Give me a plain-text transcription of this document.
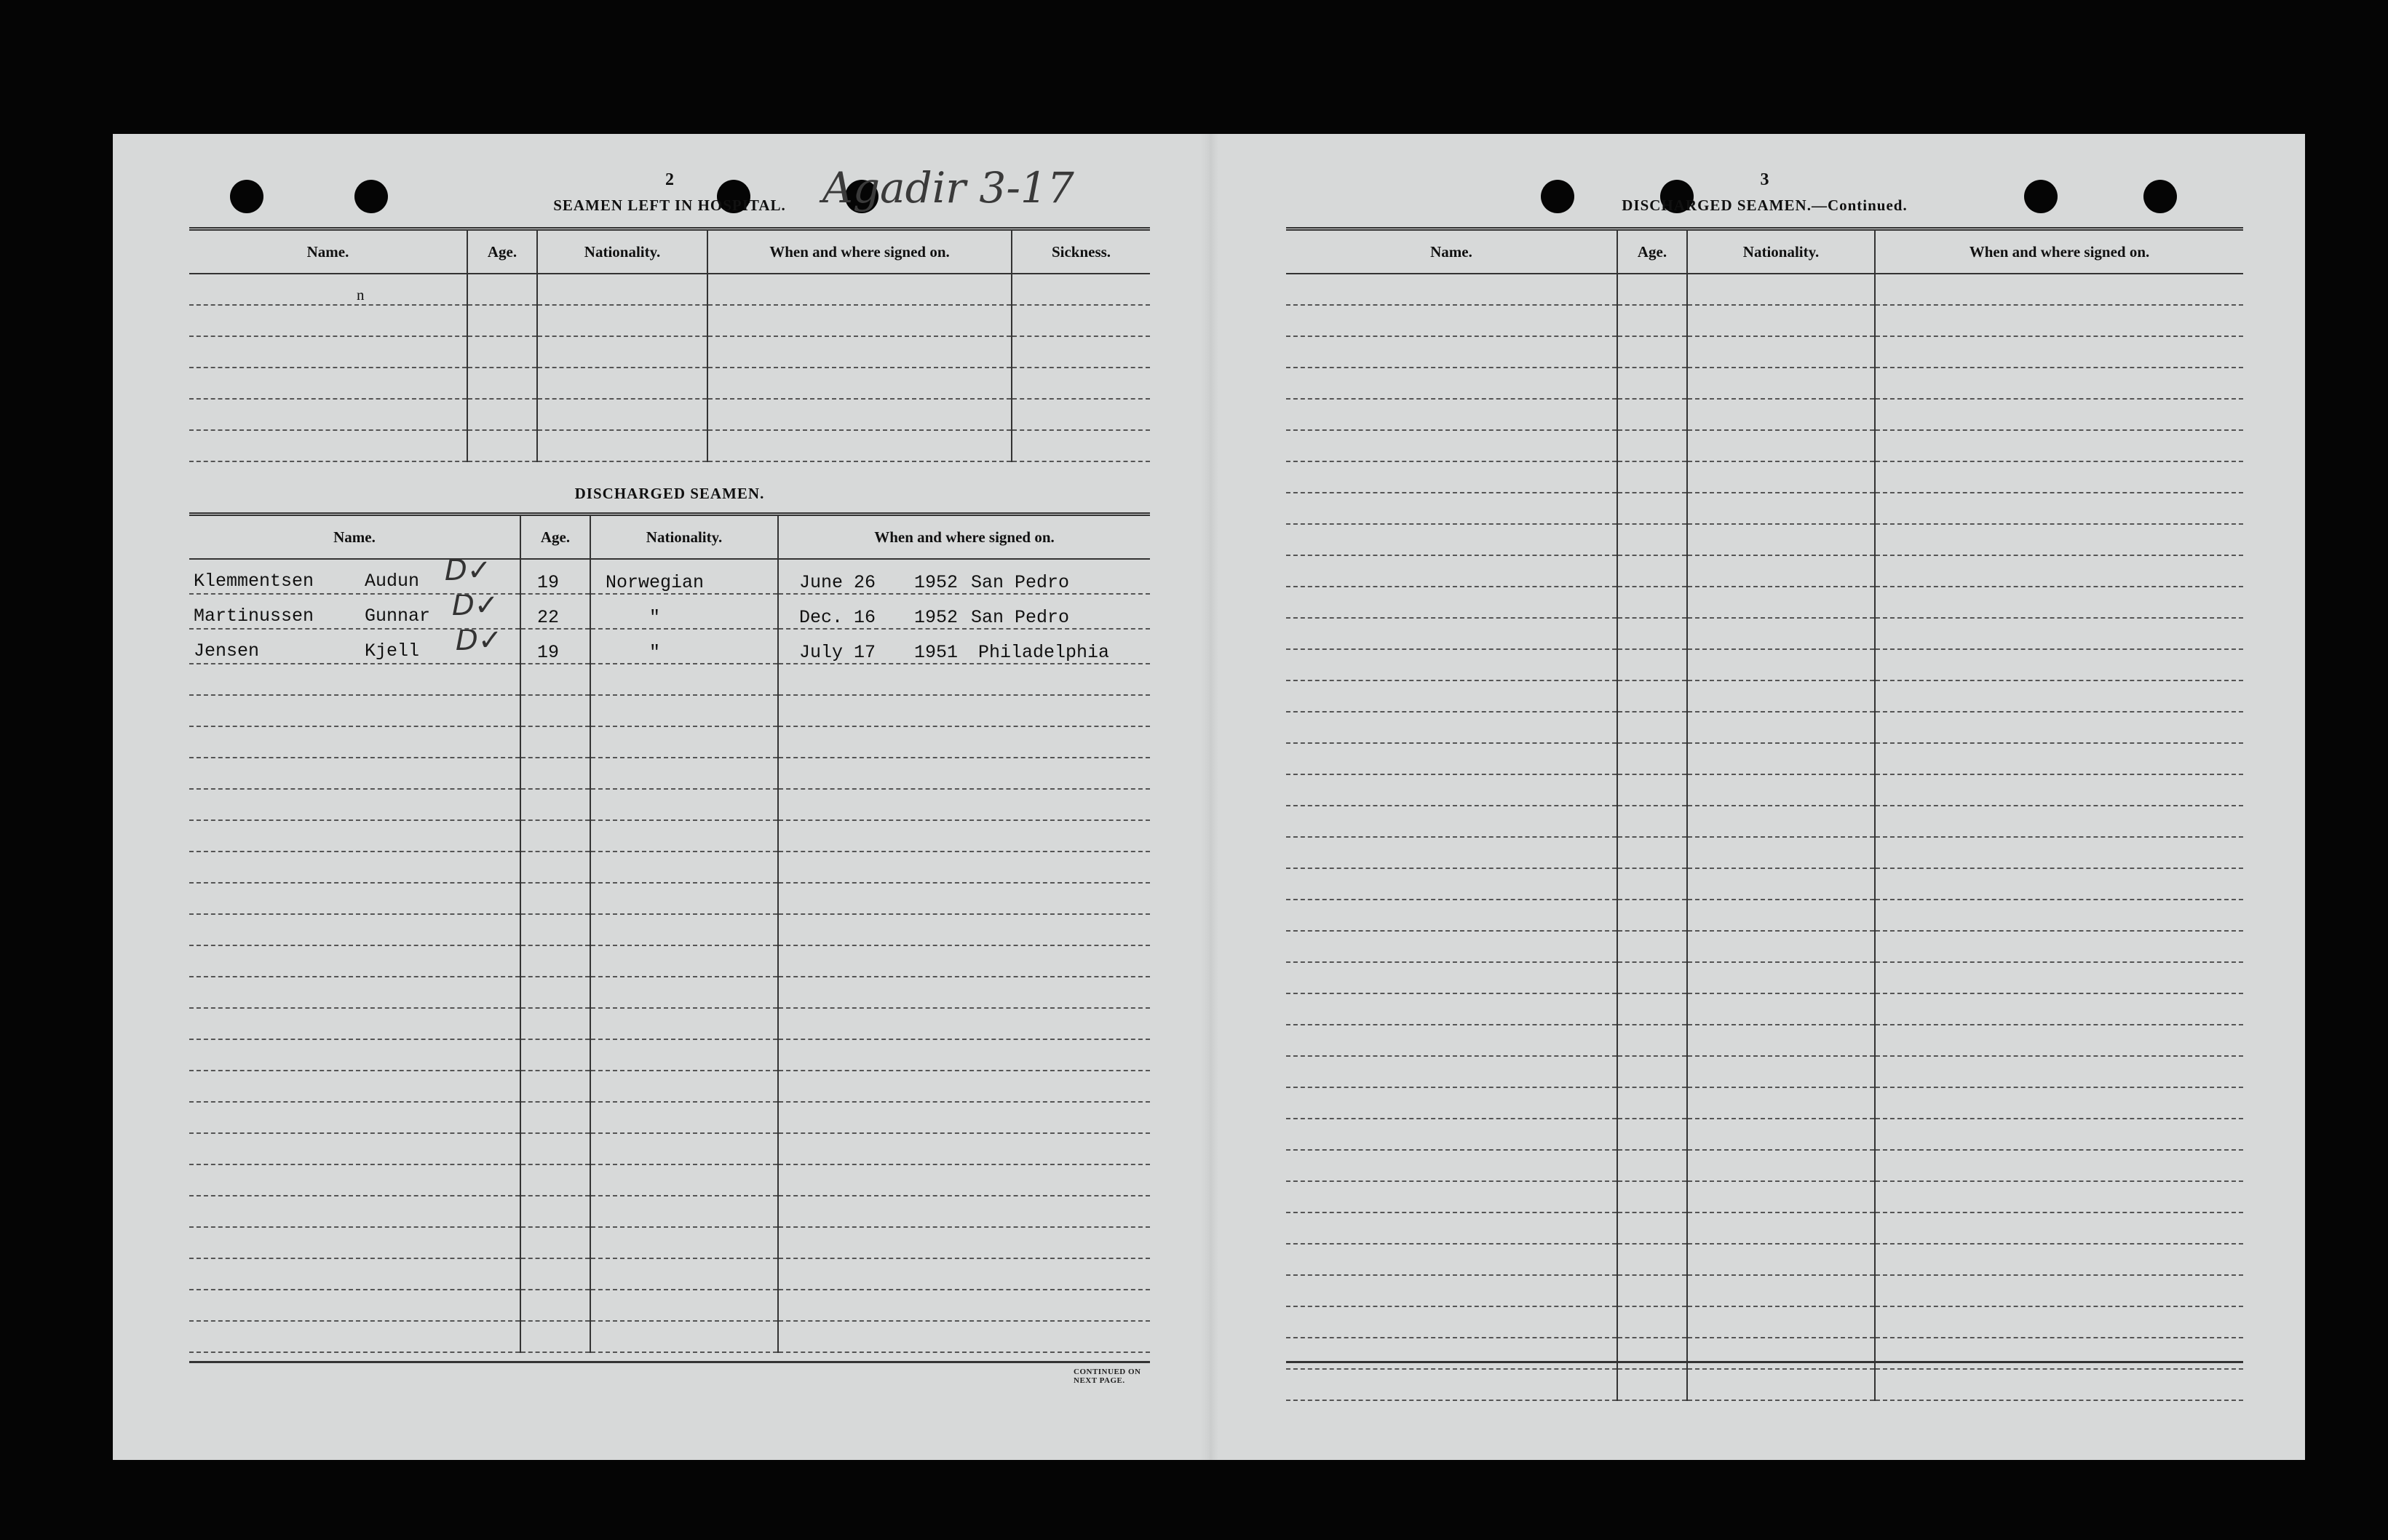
2
SEAMEN LEFT IN HOSPITAL. Agadir 3-17
Name.	Age.	Nationality.	When and where signed on.	Sickness.
n				

DISCHARGED SEAMEN.
Name.	Age.	Nationality.	When and where signed on.
Klemmentsen Audun D✓	19	Norwegian	June 26 1952 San Pedro
Martinussen Gunnar D✓	22	"	Dec. 16 1952 San Pedro
Jensen Kjell D✓	19	"	July 17 1951 Philadelphia

CONTINUED ON NEXT PAGE.
3
DISCHARGED SEAMEN.—Continued.
Name.	Age.	Nationality.	When and where signed on.
